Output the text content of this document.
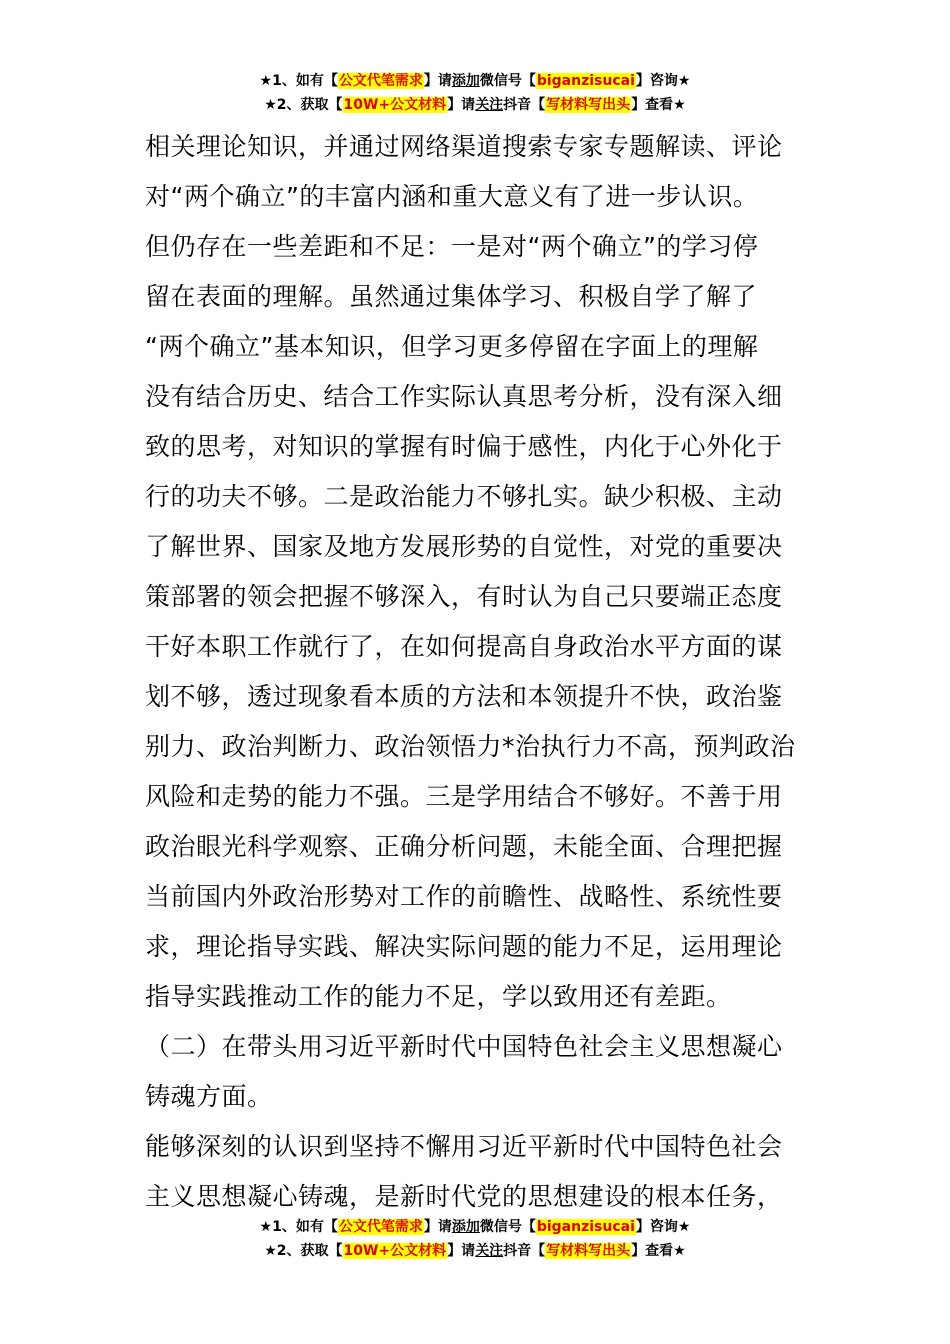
★1、如有【公文代笔需求】请添加微信号【biganzisucai】咨询★
★2、获取【10W+公文材料】请关注抖音【写材料写出头】查看★
相关理论知识，并通过网络渠道搜索专家专题解读、评论
对“两个确立”的丰富内涵和重大意义有了进一步认识。
但仍存在一些差距和不足：一是对“两个确立”的学习停
留在表面的理解。虽然通过集体学习、积极自学了解了
“两个确立”基本知识，但学习更多停留在字面上的理解
没有结合历史、结合工作实际认真思考分析，没有深入细
致的思考，对知识的掌握有时偏于感性，内化于心外化于
行的功夫不够。二是政治能力不够扎实。缺少积极、主动
了解世界、国家及地方发展形势的自觉性，对党的重要决
策部署的领会把握不够深入，有时认为自己只要端正态度
干好本职工作就行了，在如何提高自身政治水平方面的谋
划不够，透过现象看本质的方法和本领提升不快，政治鉴
别力、政治判断力、政治领悟力*治执行力不高，预判政治
风险和走势的能力不强。三是学用结合不够好。不善于用
政治眼光科学观察、正确分析问题，未能全面、合理把握
当前国内外政治形势对工作的前瞻性、战略性、系统性要
求，理论指导实践、解决实际问题的能力不足，运用理论
指导实践推动工作的能力不足，学以致用还有差距。
（二）在带头用习近平新时代中国特色社会主义思想凝心
铸魂方面。
能够深刻的认识到坚持不懈用习近平新时代中国特色社会
主义思想凝心铸魂，是新时代党的思想建设的根本任务，
★1、如有【公文代笔需求】请添加微信号【biganzisucai】咨询★
★2、获取【10W+公文材料】请关注抖音【写材料写出头】查看★
